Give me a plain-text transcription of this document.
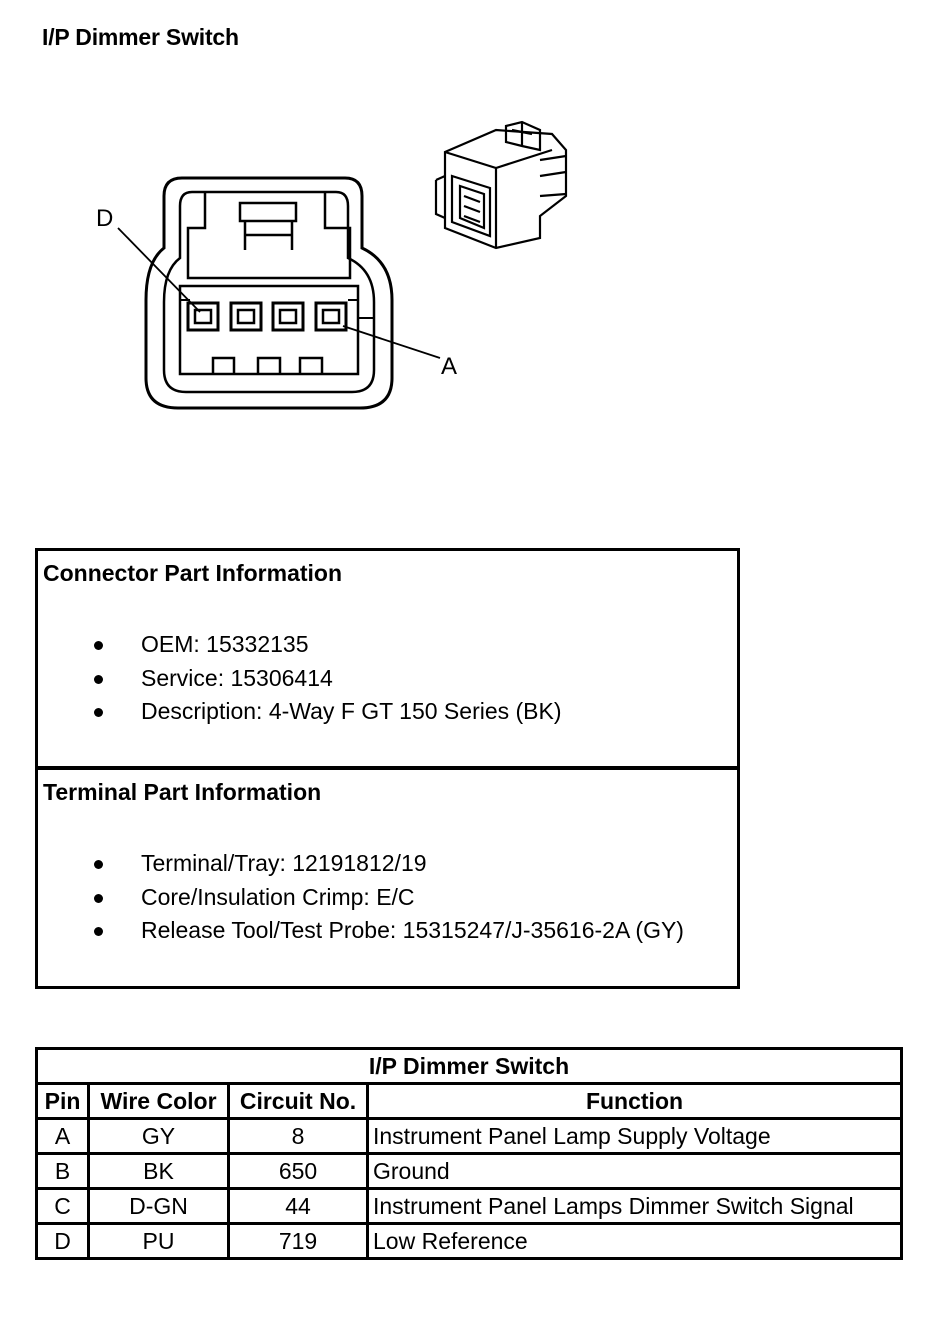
I/P Dimmer Switch
D
A
Connector Part Information
OEM: 15332135
Service: 15306414
Description: 4-Way F GT 150 Series (BK)
Terminal Part Information
Terminal/Tray: 12191812/19
Core/Insulation Crimp: E/C
Release Tool/Test Probe: 15315247/J-35616-2A (GY)
I/P Dimmer Switch			
Pin	Wire Color	Circuit No.	Function
A	GY	8	Instrument Panel Lamp Supply Voltage
B	BK	650	Ground
C	D-GN	44	Instrument Panel Lamps Dimmer Switch Signal
D	PU	719	Low Reference
